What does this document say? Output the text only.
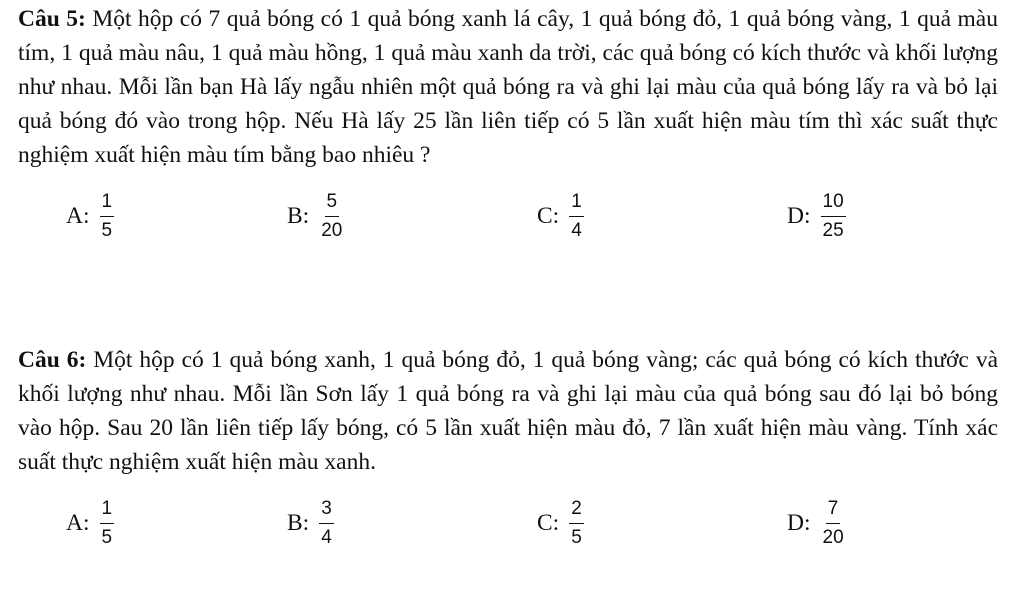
Câu 5: Một hộp có 7 quả bóng có 1 quả bóng xanh lá cây, 1 quả bóng đỏ, 1 quả bóng vàng, 1 quả màu tím, 1 quả màu nâu, 1 quả màu hồng, 1 quả màu xanh da trời, các quả bóng có kích thước và khối lượng như nhau. Mỗi lần bạn Hà lấy ngẫu nhiên một quả bóng ra và ghi lại màu của quả bóng lấy ra và bỏ lại quả bóng đó vào trong hộp. Nếu Hà lấy 25 lần liên tiếp có 5 lần xuất hiện màu tím thì xác suất thực nghiệm xuất hiện màu tím bằng bao nhiêu ?

A: $\frac{1}{5}$	B: $\frac{5}{20}$	C: $\frac{1}{4}$	D: $\frac{10}{25}$

Câu 6: Một hộp có 1 quả bóng xanh, 1 quả bóng đỏ, 1 quả bóng vàng; các quả bóng có kích thước và khối lượng như nhau. Mỗi lần Sơn lấy 1 quả bóng ra và ghi lại màu của quả bóng sau đó lại bỏ bóng vào hộp. Sau 20 lần liên tiếp lấy bóng, có 5 lần xuất hiện màu đỏ, 7 lần xuất hiện màu vàng. Tính xác suất thực nghiệm xuất hiện màu xanh.

A: $\frac{1}{5}$	B: $\frac{3}{4}$	C: $\frac{2}{5}$	D: $\frac{7}{20}$
